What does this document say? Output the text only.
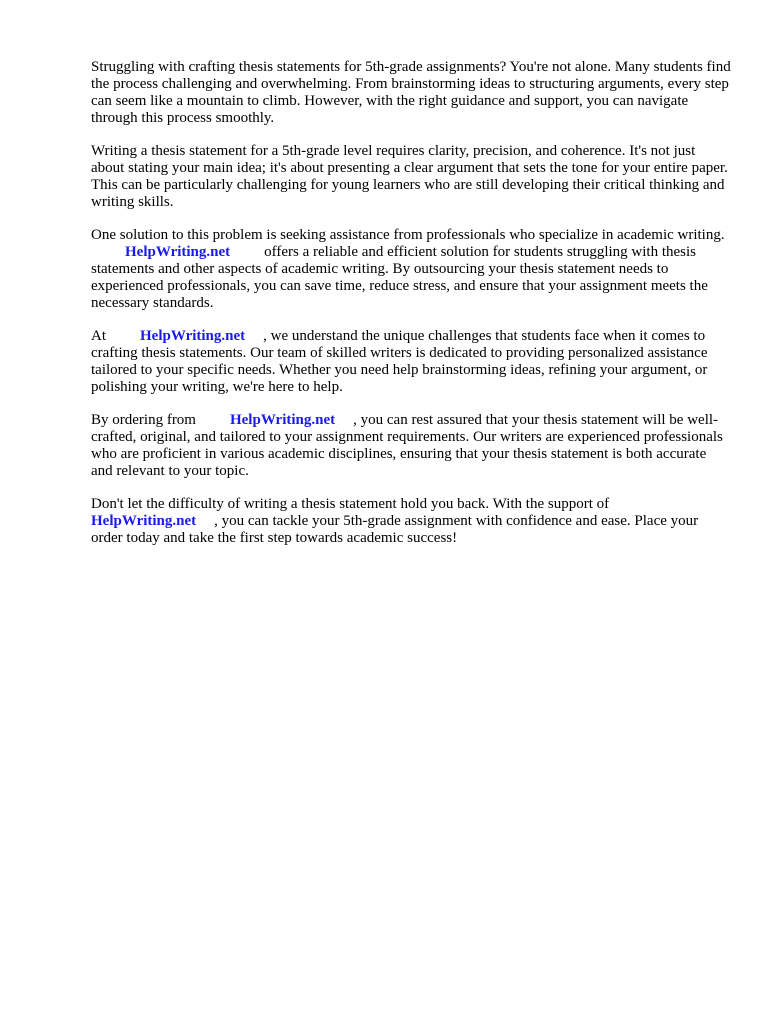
Struggling with crafting thesis statements for 5th-grade assignments? You're not alone. Many students find the process challenging and overwhelming. From brainstorming ideas to structuring arguments, every step can seem like a mountain to climb. However, with the right guidance and support, you can navigate through this process smoothly.

Writing a thesis statement for a 5th-grade level requires clarity, precision, and coherence. It's not just about stating your main idea; it's about presenting a clear argument that sets the tone for your entire paper. This can be particularly challenging for young learners who are still developing their critical thinking and writing skills.

One solution to this problem is seeking assistance from professionals who specialize in academic writing.HelpWriting.net offers a reliable and efficient solution for students struggling with thesis statements and other aspects of academic writing. By outsourcing your thesis statement needs to experienced professionals, you can save time, reduce stress, and ensure that your assignment meets the necessary standards.

At HelpWriting.net , we understand the unique challenges that students face when it comes to crafting thesis statements. Our team of skilled writers is dedicated to providing personalized assistance tailored to your specific needs. Whether you need help brainstorming ideas, refining your argument, or polishing your writing, we're here to help.

By ordering from HelpWriting.net , you can rest assured that your thesis statement will be well-crafted, original, and tailored to your assignment requirements. Our writers are experienced professionals who are proficient in various academic disciplines, ensuring that your thesis statement is both accurate and relevant to your topic.

Don't let the difficulty of writing a thesis statement hold you back. With the support of
HelpWriting.net , you can tackle your 5th-grade assignment with confidence and ease. Place your order today and take the first step towards academic success!
